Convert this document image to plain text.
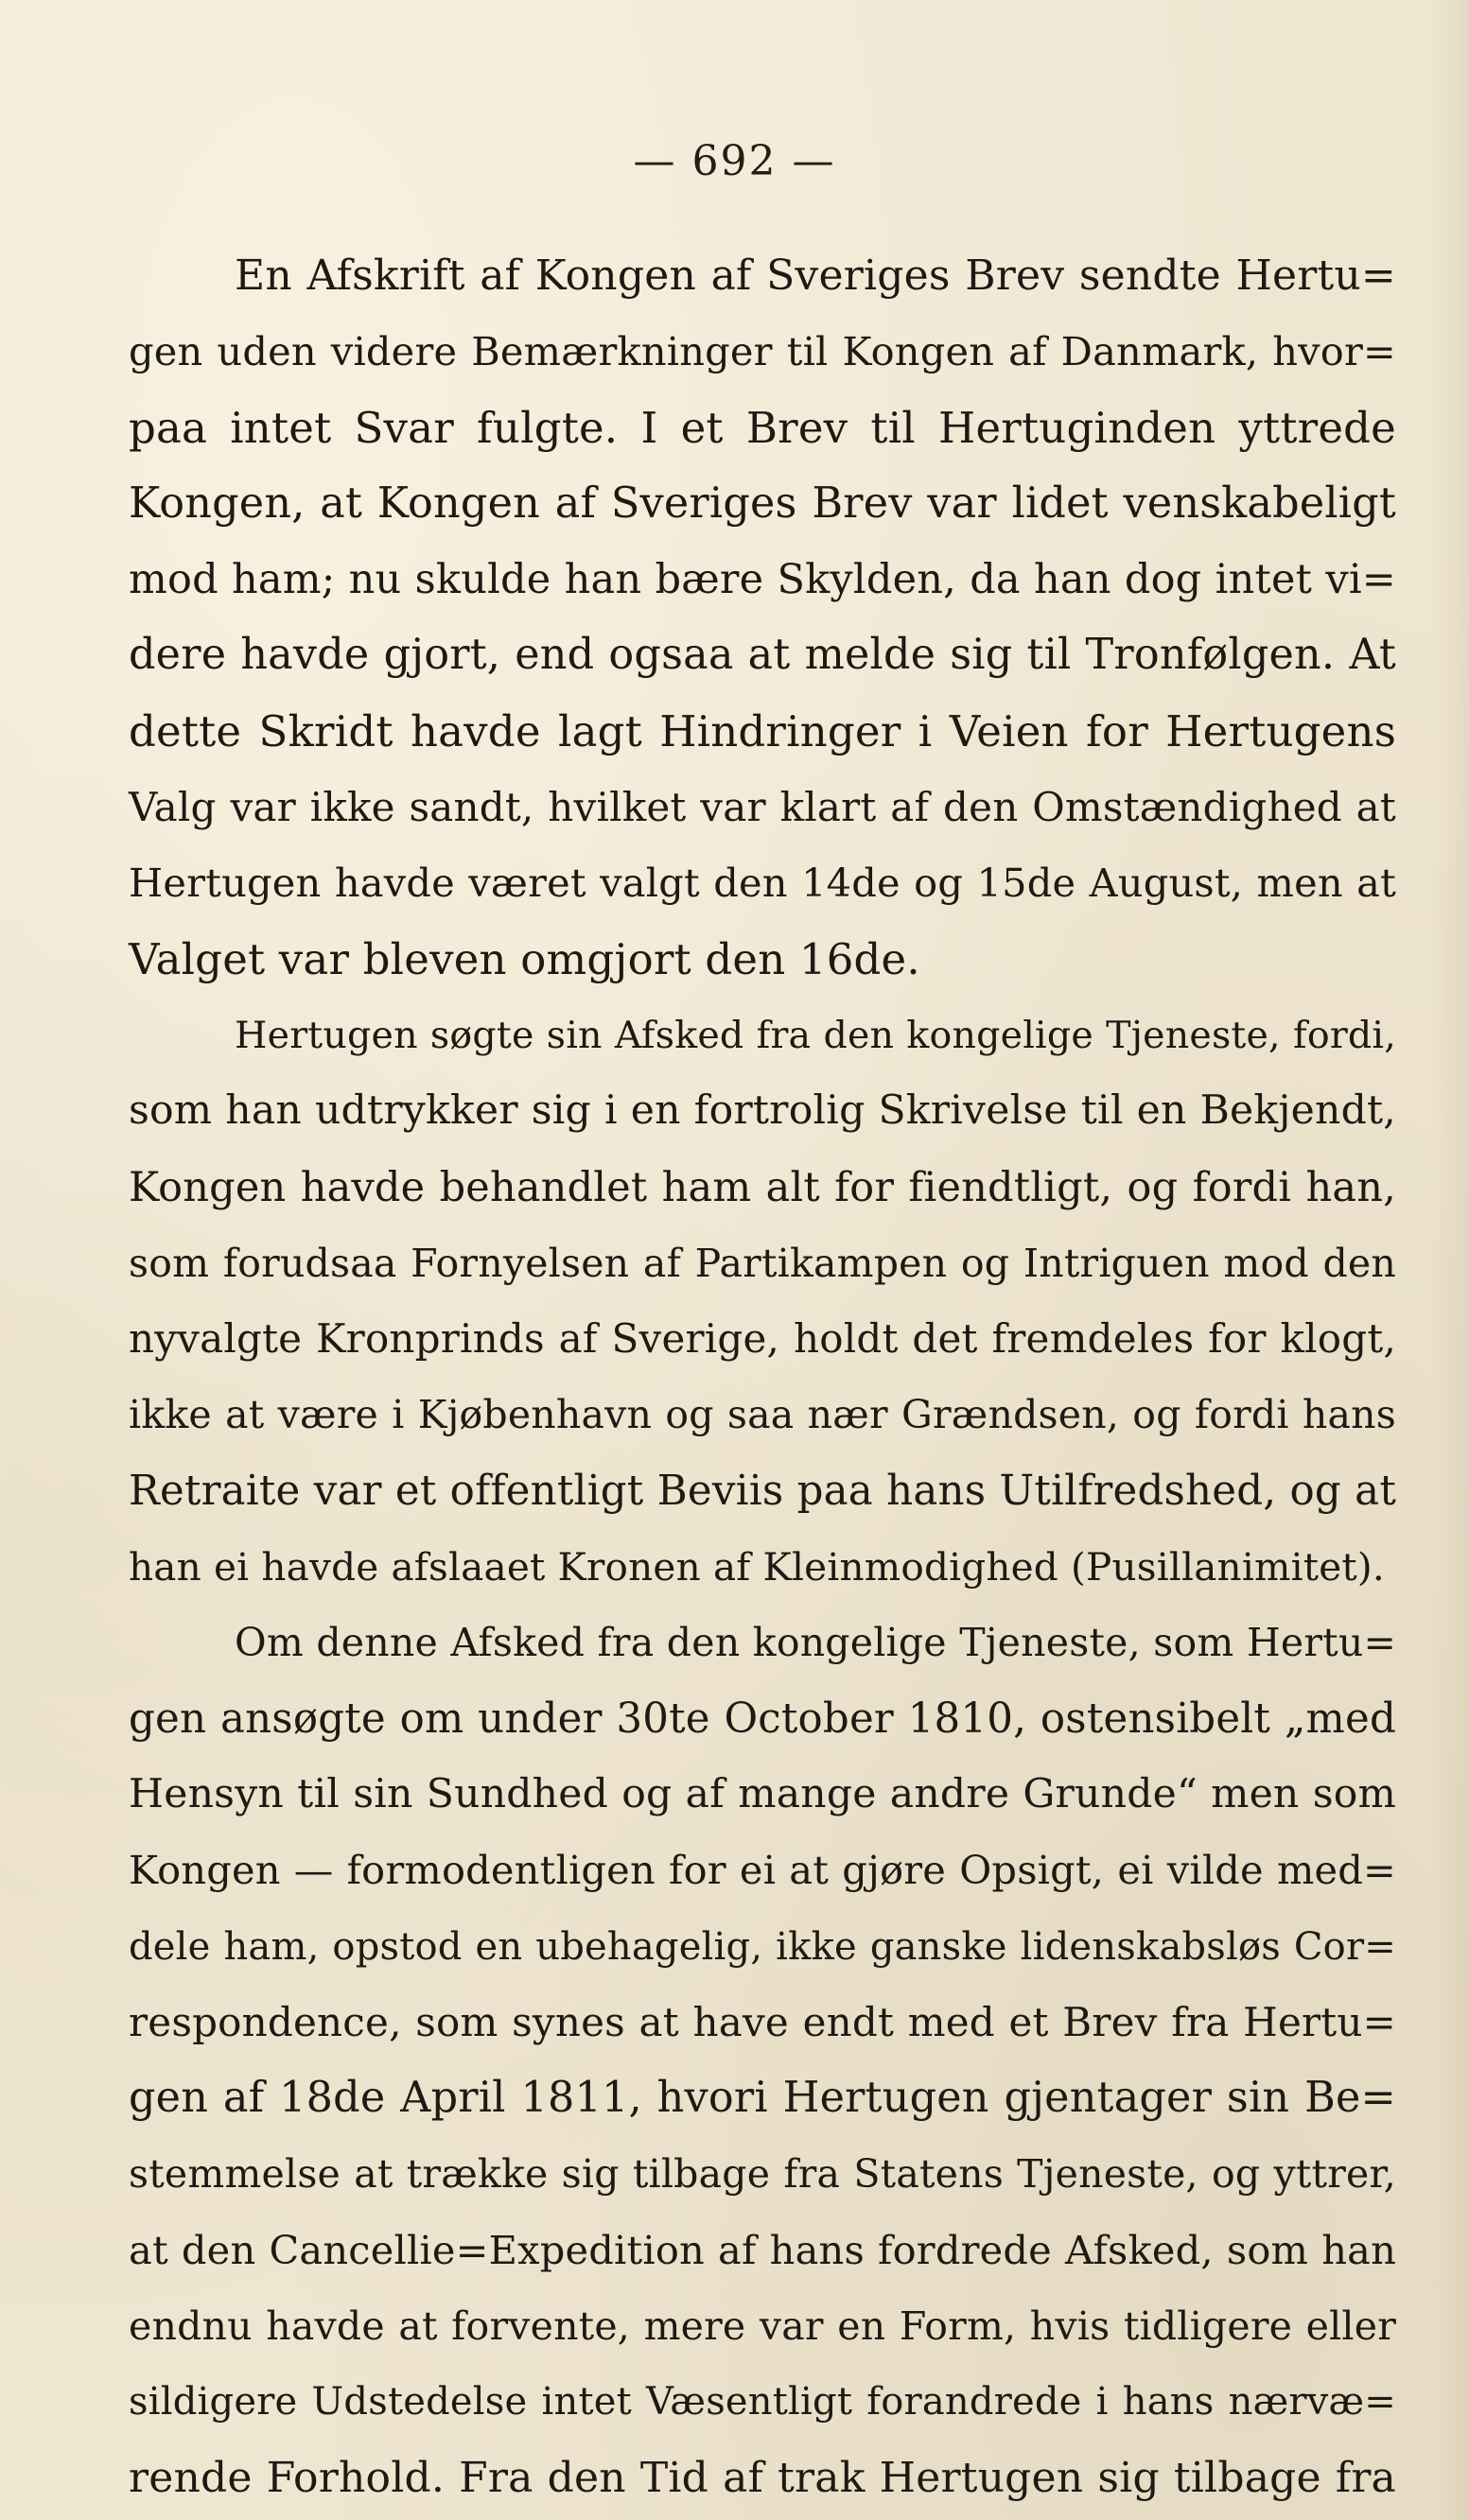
— 692 —
En Afskrift af Kongen af Sveriges Brev sendte Hertu=
gen uden videre Bemærkninger til Kongen af Danmark, hvor=
paa intet Svar fulgte. I et Brev til Hertuginden yttrede
Kongen, at Kongen af Sveriges Brev var lidet venskabeligt
mod ham; nu skulde han bære Skylden, da han dog intet vi=
dere havde gjort, end ogsaa at melde sig til Tronfølgen. At
dette Skridt havde lagt Hindringer i Veien for Hertugens
Valg var ikke sandt, hvilket var klart af den Omstændighed at
Hertugen havde været valgt den 14de og 15de August, men at
Valget var bleven omgjort den 16de.
Hertugen søgte sin Afsked fra den kongelige Tjeneste, fordi,
som han udtrykker sig i en fortrolig Skrivelse til en Bekjendt,
Kongen havde behandlet ham alt for fiendtligt, og fordi han,
som forudsaa Fornyelsen af Partikampen og Intriguen mod den
nyvalgte Kronprinds af Sverige, holdt det fremdeles for klogt,
ikke at være i Kjøbenhavn og saa nær Grændsen, og fordi hans
Retraite var et offentligt Beviis paa hans Utilfredshed, og at
han ei havde afslaaet Kronen af Kleinmodighed (Pusillanimitet).
Om denne Afsked fra den kongelige Tjeneste, som Hertu=
gen ansøgte om under 30te October 1810, ostensibelt „med
Hensyn til sin Sundhed og af mange andre Grunde“ men som
Kongen — formodentligen for ei at gjøre Opsigt, ei vilde med=
dele ham, opstod en ubehagelig, ikke ganske lidenskabsløs Cor=
respondence, som synes at have endt med et Brev fra Hertu=
gen af 18de April 1811, hvori Hertugen gjentager sin Be=
stemmelse at trække sig tilbage fra Statens Tjeneste, og yttrer,
at den Cancellie=Expedition af hans fordrede Afsked, som han
endnu havde at forvente, mere var en Form, hvis tidligere eller
sildigere Udstedelse intet Væsentligt forandrede i hans nærvæ=
rende Forhold. Fra den Tid af trak Hertugen sig tilbage fra
